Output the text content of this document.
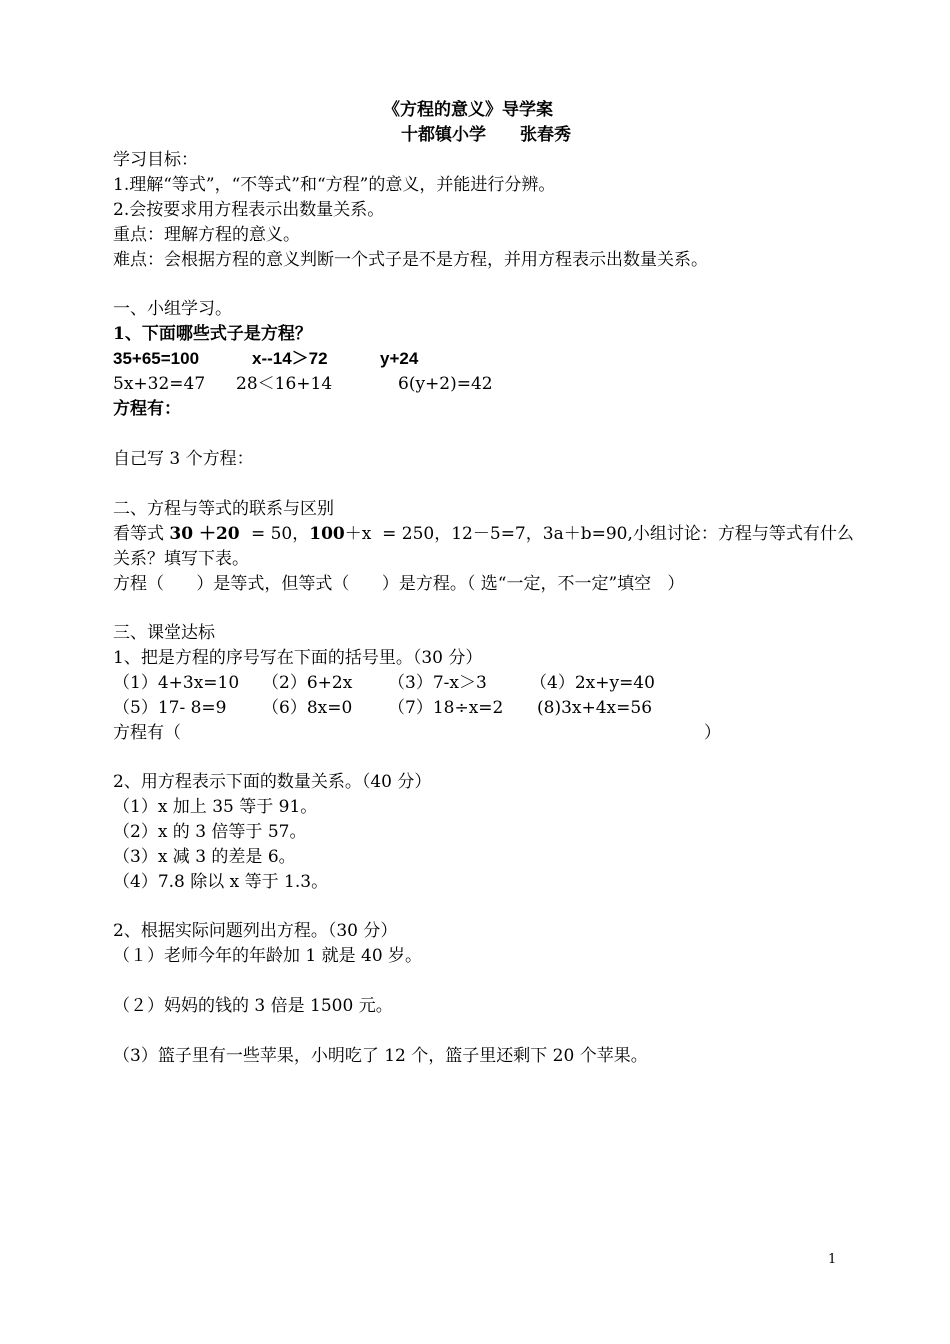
《方程的意义》导学案
十都镇小学 张春秀
学习目标：
1.理解“等式”，“不等式”和“方程”的意义，并能进行分辨。
2.会按要求用方程表示出数量关系。
重点：理解方程的意义。
难点：会根据方程的意义判断一个式子是不是方程，并用方程表示出数量关系。
一、小组学习。
1、下面哪些式子是方程？
35+65=100	x--14＞72	y+24
5x+32=47 28＜16+14	6(y+2)=42
方程有：
自己写 3 个方程：
二、方程与等式的联系与区别
看等式 30 ＋20  = 50，100＋x  = 250，12－5=7，3a＋b=90,小组讨论：方程与等式有什么
关系？填写下表。
方程（      ）是等式，但等式（      ）是方程。（ 选“一定，不一定”填空   ）
三、课堂达标
1、把是方程的序号写在下面的括号里。（30 分）
（1）4+3x=10 （2）6+2x （3）7-x＞3	（4）2x+y=40
（5）17- 8=9 （6）8x=0 （7）18÷x=2 (8)3x+4x=56
方程有（	）
2、用方程表示下面的数量关系。（40 分）
（1）x 加上 35 等于 91。
（2）x 的 3 倍等于 57。
（3）x 减 3 的差是 6。
（4）7.8 除以 x 等于 1.3。
2、根据实际问题列出方程。（30 分）
（１）老师今年的年龄加 1 就是 40 岁。
（２）妈妈的钱的 3 倍是 1500 元。
（3）篮子里有一些苹果，小明吃了 12 个，篮子里还剩下 20 个苹果。
1
